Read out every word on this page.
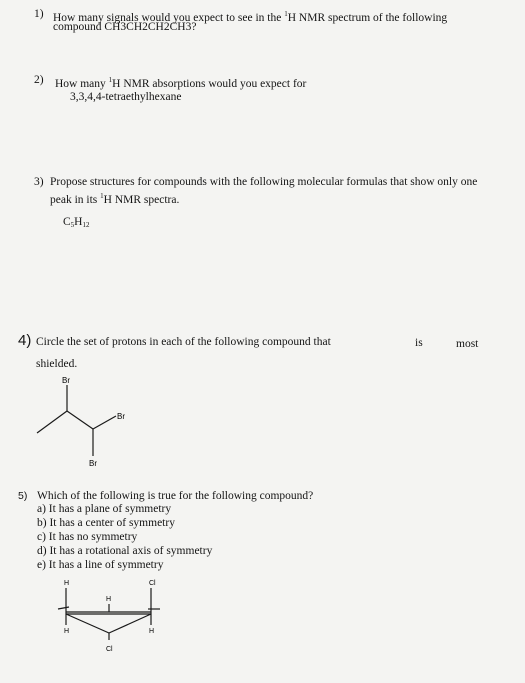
1) How many signals would you expect to see in the $^1$H NMR spectrum of the following
compound CH3CH2CH2CH3?
2) How many $^1$H NMR absorptions would you expect for
3,3,4,4-tetraethylhexane
3) Propose structures for compounds with the following molecular formulas that show only one
peak in its $^1$H NMR spectra.
$C_5H_{12}$
4) Circle the set of protons in each of the following compound that	is	most
shielded.
Br
Br
Br
5) Which of the following is true for the following compound?
a) It has a plane of symmetry
b) It has a center of symmetry
c) It has no symmetry
d) It has a rotational axis of symmetry
e) It has a line of symmetry
H	Cl
H
H	H
Cl
